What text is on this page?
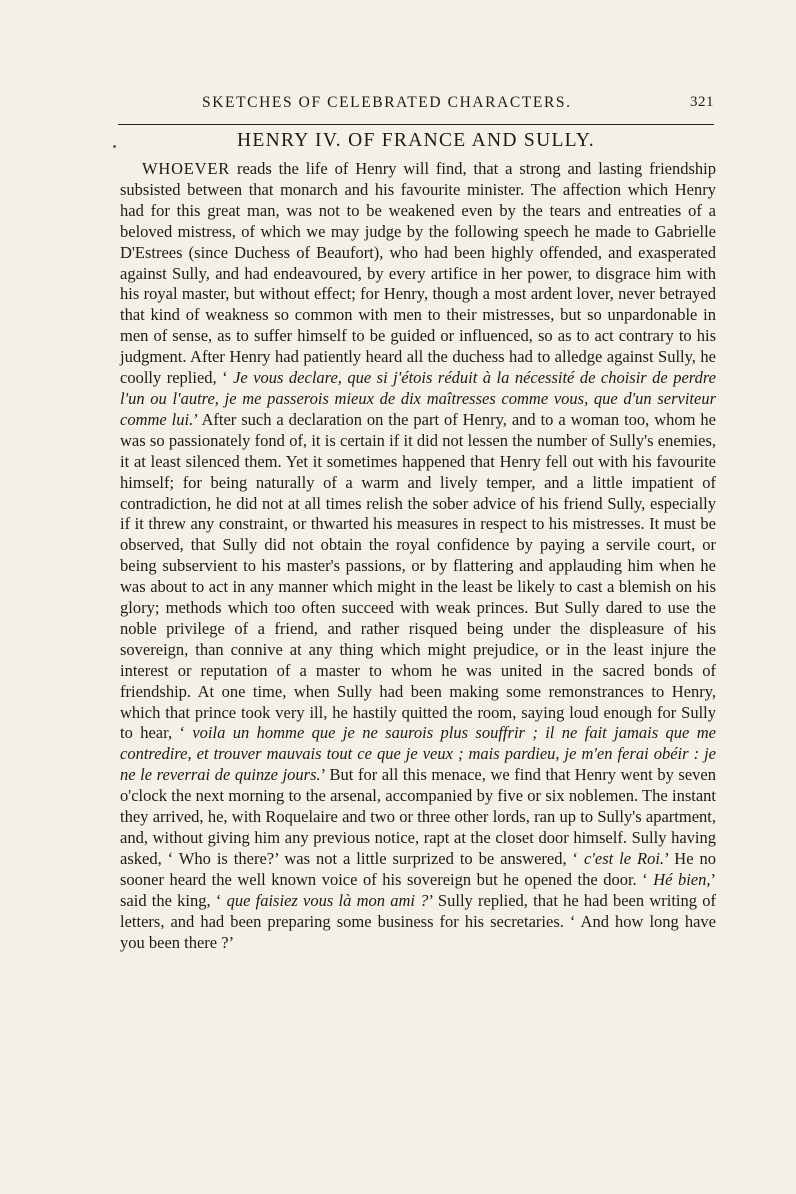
SKETCHES OF CELEBRATED CHARACTERS.	321
HENRY IV. OF FRANCE AND SULLY.

WHOEVER reads the life of Henry will find, that a strong and lasting friendship subsisted between that monarch and his favourite minister. The affection which Henry had for this great man, was not to be weakened even by the tears and entreaties of a beloved mistress, of which we may judge by the following speech he made to Gabrielle D'Estrees (since Duchess of Beaufort), who had been highly offended, and exasperated against Sully, and had endeavoured, by every artifice in her power, to disgrace him with his royal master, but without effect; for Henry, though a most ardent lover, never betrayed that kind of weakness so common with men to their mistresses, but so unpardonable in men of sense, as to suffer himself to be guided or influenced, so as to act contrary to his judgment. After Henry had patiently heard all the duchess had to alledge against Sully, he coolly replied, ‘ Je vous declare, que si j'étois réduit à la nécessité de choisir de perdre l'un ou l'autre, je me passerois mieux de dix maîtresses comme vous, que d'un serviteur comme lui.’ After such a declaration on the part of Henry, and to a woman too, whom he was so passionately fond of, it is certain if it did not lessen the number of Sully's enemies, it at least silenced them. Yet it sometimes happened that Henry fell out with his favourite himself; for being naturally of a warm and lively temper, and a little impatient of contradiction, he did not at all times relish the sober advice of his friend Sully, especially if it threw any constraint, or thwarted his measures in respect to his mistresses. It must be observed, that Sully did not obtain the royal confidence by paying a servile court, or being subservient to his master's passions, or by flattering and applauding him when he was about to act in any manner which might in the least be likely to cast a blemish on his glory; methods which too often succeed with weak princes. But Sully dared to use the noble privilege of a friend, and rather risqued being under the displeasure of his sovereign, than connive at any thing which might prejudice, or in the least injure the interest or reputation of a master to whom he was united in the sacred bonds of friendship. At one time, when Sully had been making some remonstrances to Henry, which that prince took very ill, he hastily quitted the room, saying loud enough for Sully to hear, ‘ voila un homme que je ne saurois plus souffrir ; il ne fait jamais que me contredire, et trouver mauvais tout ce que je veux ; mais pardieu, je m'en ferai obéir : je ne le reverrai de quinze jours.’ But for all this menace, we find that Henry went by seven o'clock the next morning to the arsenal, accompanied by five or six noblemen. The instant they arrived, he, with Roquelaire and two or three other lords, ran up to Sully's apartment, and, without giving him any previous notice, rapt at the closet door himself. Sully having asked, ‘ Who is there?’ was not a little surprized to be answered, ‘ c'est le Roi.’ He no sooner heard the well known voice of his sovereign but he opened the door. ‘ Hé bien,’ said the king, ‘ que faisiez vous là mon ami ?’ Sully replied, that he had been writing of letters, and had been preparing some business for his secretaries. ‘ And how long have you been there ?’
